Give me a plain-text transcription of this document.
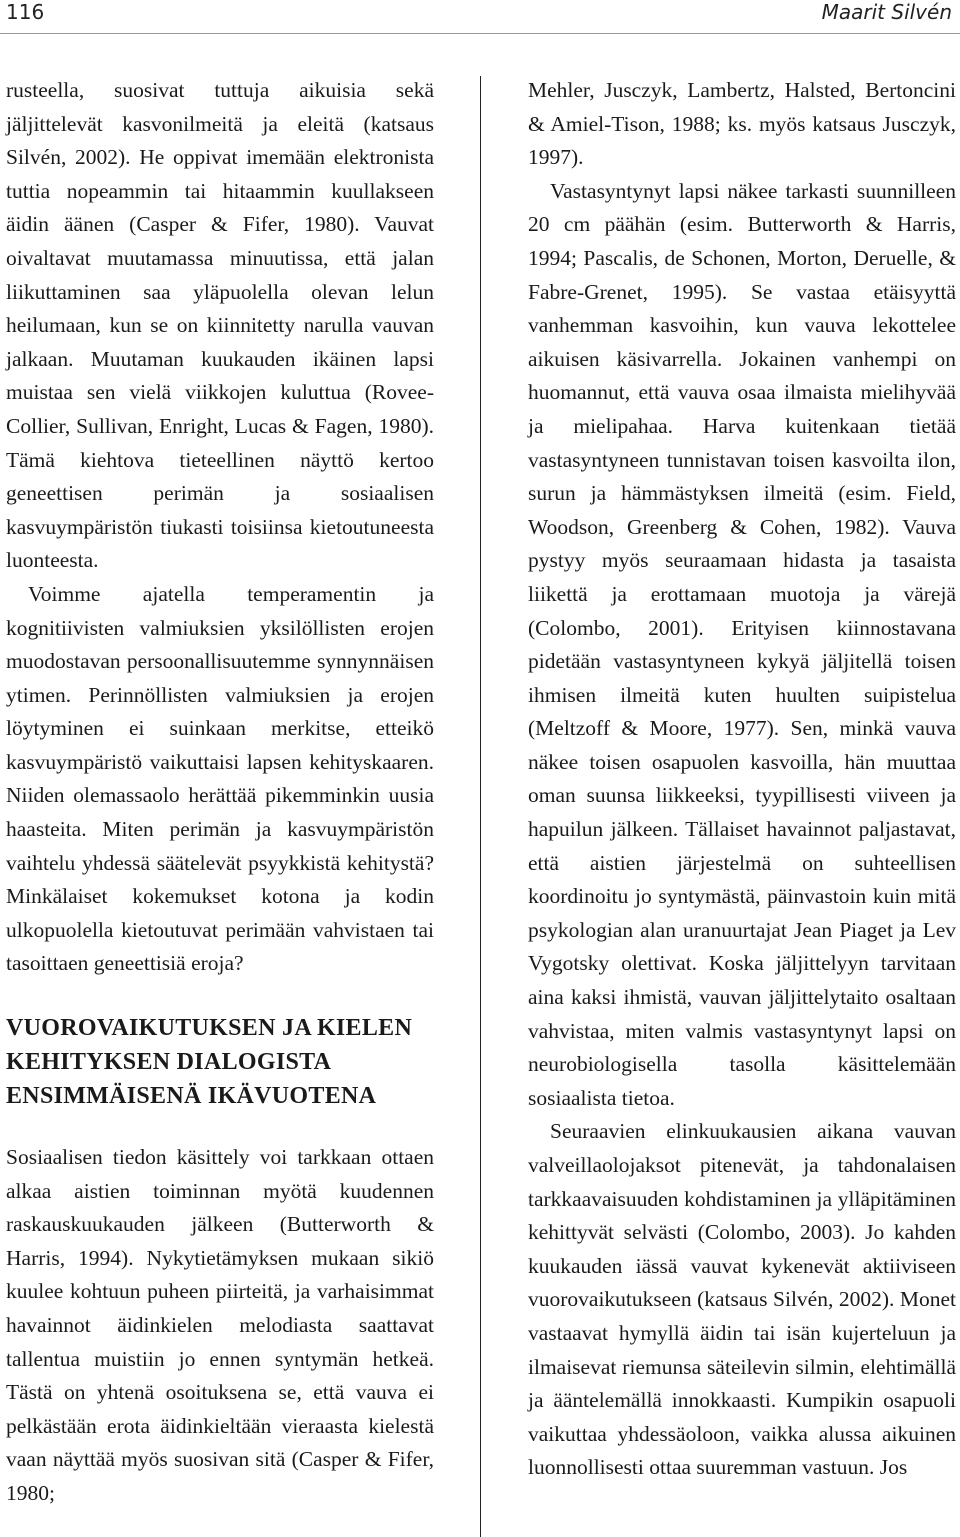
116	Maarit Silvén

rusteella, suosivat tuttuja aikuisia sekä jäljittelevät kasvonilmeitä ja eleitä (katsaus Silvén, 2002). He oppivat imemään elektronista tuttia nopeammin tai hitaammin kuullakseen äidin äänen (Casper & Fifer, 1980). Vauvat oivaltavat muutamassa minuutissa, että jalan liikuttaminen saa yläpuolella olevan lelun heilumaan, kun se on kiinnitetty narulla vauvan jalkaan. Muutaman kuukauden ikäinen lapsi muistaa sen vielä viikkojen kuluttua (Rovee-Collier, Sullivan, Enright, Lucas & Fagen, 1980). Tämä kiehtova tieteellinen näyttö kertoo geneettisen perimän ja sosiaalisen kasvuympäristön tiukasti toisiinsa kietoutuneesta luonteesta.

Voimme ajatella temperamentin ja kognitiivisten valmiuksien yksilöllisten erojen muodostavan persoonallisuutemme synnynnäisen ytimen. Perinnöllisten valmiuksien ja erojen löytyminen ei suinkaan merkitse, etteikö kasvuympäristö vaikuttaisi lapsen kehityskaaren. Niiden olemassaolo herättää pikemminkin uusia haasteita. Miten perimän ja kasvuympäristön vaihtelu yhdessä säätelevät psyykkistä kehitystä? Minkälaiset kokemukset kotona ja kodin ulkopuolella kietoutuvat perimään vahvistaen tai tasoittaen geneettisiä eroja?

VUOROVAIKUTUKSEN JA KIELEN
KEHITYKSEN DIALOGISTA
ENSIMMÄISENÄ IKÄVUOTENA

Sosiaalisen tiedon käsittely voi tarkkaan ottaen alkaa aistien toiminnan myötä kuudennen raskauskuukauden jälkeen (Butterworth & Harris, 1994). Nykytietämyksen mukaan sikiö kuulee kohtuun puheen piirteitä, ja varhaisimmat havainnot äidinkielen melodiasta saattavat tallentua muistiin jo ennen syntymän hetkeä. Tästä on yhtenä osoituksena se, että vauva ei pelkästään erota äidinkieltään vieraasta kielestä vaan näyttää myös suosivan sitä (Casper & Fifer, 1980;

Mehler, Jusczyk, Lambertz, Halsted, Bertoncini & Amiel-Tison, 1988; ks. myös katsaus Jusczyk, 1997).

Vastasyntynyt lapsi näkee tarkasti suunnilleen 20 cm päähän (esim. Butterworth & Harris, 1994; Pascalis, de Schonen, Morton, Deruelle, & Fabre-Grenet, 1995). Se vastaa etäisyyttä vanhemman kasvoihin, kun vauva lekottelee aikuisen käsivarrella. Jokainen vanhempi on huomannut, että vauva osaa ilmaista mielihyvää ja mielipahaa. Harva kuitenkaan tietää vastasyntyneen tunnistavan toisen kasvoilta ilon, surun ja hämmästyksen ilmeitä (esim. Field, Woodson, Greenberg & Cohen, 1982). Vauva pystyy myös seuraamaan hidasta ja tasaista liikettä ja erottamaan muotoja ja värejä (Colombo, 2001). Erityisen kiinnostavana pidetään vastasyntyneen kykyä jäljitellä toisen ihmisen ilmeitä kuten huulten suipistelua (Meltzoff & Moore, 1977). Sen, minkä vauva näkee toisen osapuolen kasvoilla, hän muuttaa oman suunsa liikkeeksi, tyypillisesti viiveen ja hapuilun jälkeen. Tällaiset havainnot paljastavat, että aistien järjestelmä on suhteellisen koordinoitu jo syntymästä, päinvastoin kuin mitä psykologian alan uranuurtajat Jean Piaget ja Lev Vygotsky olettivat. Koska jäljittelyyn tarvitaan aina kaksi ihmistä, vauvan jäljittelytaito osaltaan vahvistaa, miten valmis vastasyntynyt lapsi on neurobiologisella tasolla käsittelemään sosiaalista tietoa.

Seuraavien elinkuukausien aikana vauvan valveillaolojaksot pitenevät, ja tahdonalaisen tarkkaavaisuuden kohdistaminen ja ylläpitäminen kehittyvät selvästi (Colombo, 2003). Jo kahden kuukauden iässä vauvat kykenevät aktiiviseen vuorovaikutukseen (katsaus Silvén, 2002). Monet vastaavat hymyllä äidin tai isän kujerteluun ja ilmaisevat riemunsa säteilevin silmin, elehtimällä ja ääntelemällä innokkaasti. Kumpikin osapuoli vaikuttaa yhdessäoloon, vaikka alussa aikuinen luonnollisesti ottaa suuremman vastuun. Jos
